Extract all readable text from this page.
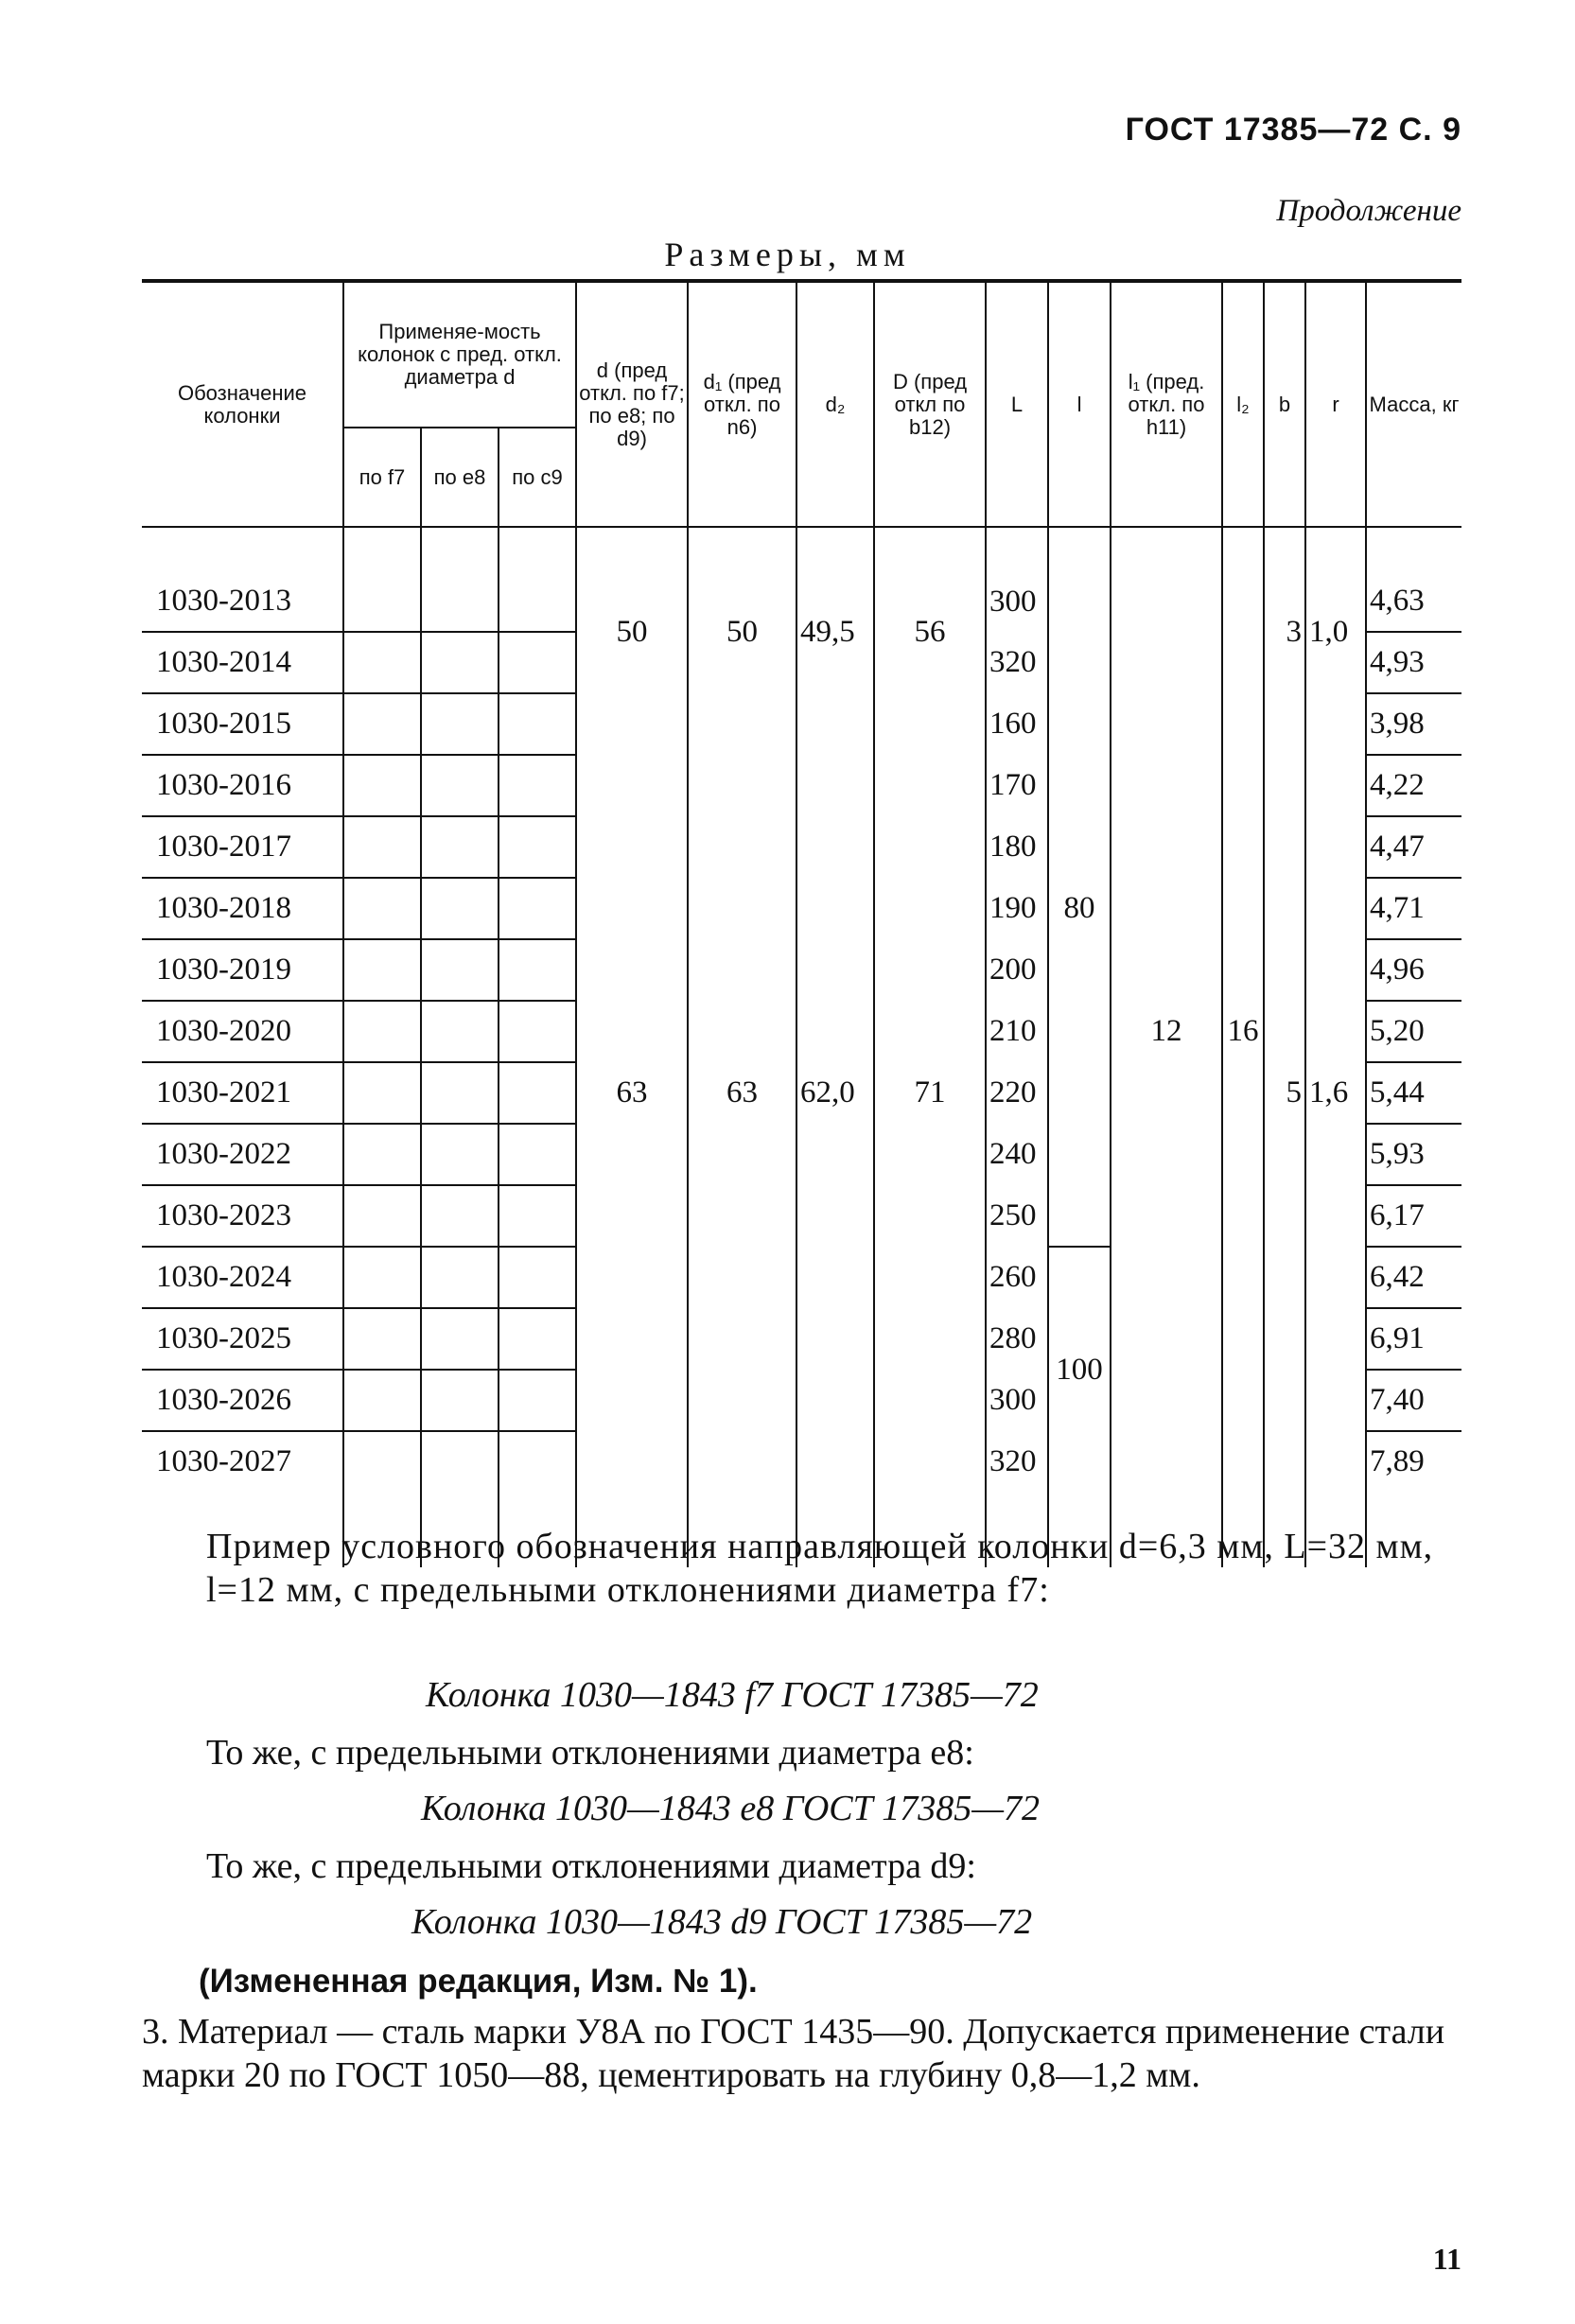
ГОСТ 17385—72 С. 9
Продолжение
Размеры, мм
Обозначение колонки	Применяе-мость колонок с пред. откл. диаметра d			d (пред откл. по f7; по e8; по d9)	d₁ (пред откл. по n6)	d₂	D (пред откл по b12)	L	l	l₁ (пред. откл. по h11)	l₂	b	r	Масса, кг
	по f7	по e8	по c9											

1030-2013				50	50	49,5	56	300	80	12	16	3	1,0	4,63
1030-2014								320						4,93
1030-2015				63	63	62,0	71	160				5	1,6	3,98
1030-2016								170						4,22
1030-2017								180						4,47
1030-2018								190						4,71
1030-2019								200						4,96
1030-2020								210						5,20
1030-2021								220						5,44
1030-2022								240						5,93
1030-2023								250						6,17
1030-2024								260	100					6,42
1030-2025								280						6,91
1030-2026								300						7,40
1030-2027								320						7,89

Пример условного обозначения направляющей колонки d=6,3 мм, L=32 мм, l=12 мм, с предельными отклонениями диаметра f7:
Колонка 1030—1843 f7 ГОСТ 17385—72
То же, с предельными отклонениями диаметра e8:
Колонка 1030—1843 e8 ГОСТ 17385—72
То же, с предельными отклонениями диаметра d9:
Колонка 1030—1843 d9 ГОСТ 17385—72
(Измененная редакция, Изм. № 1).
3. Материал — сталь марки У8А по ГОСТ 1435—90. Допускается применение стали марки 20 по ГОСТ 1050—88, цементировать на глубину 0,8—1,2 мм.
11
